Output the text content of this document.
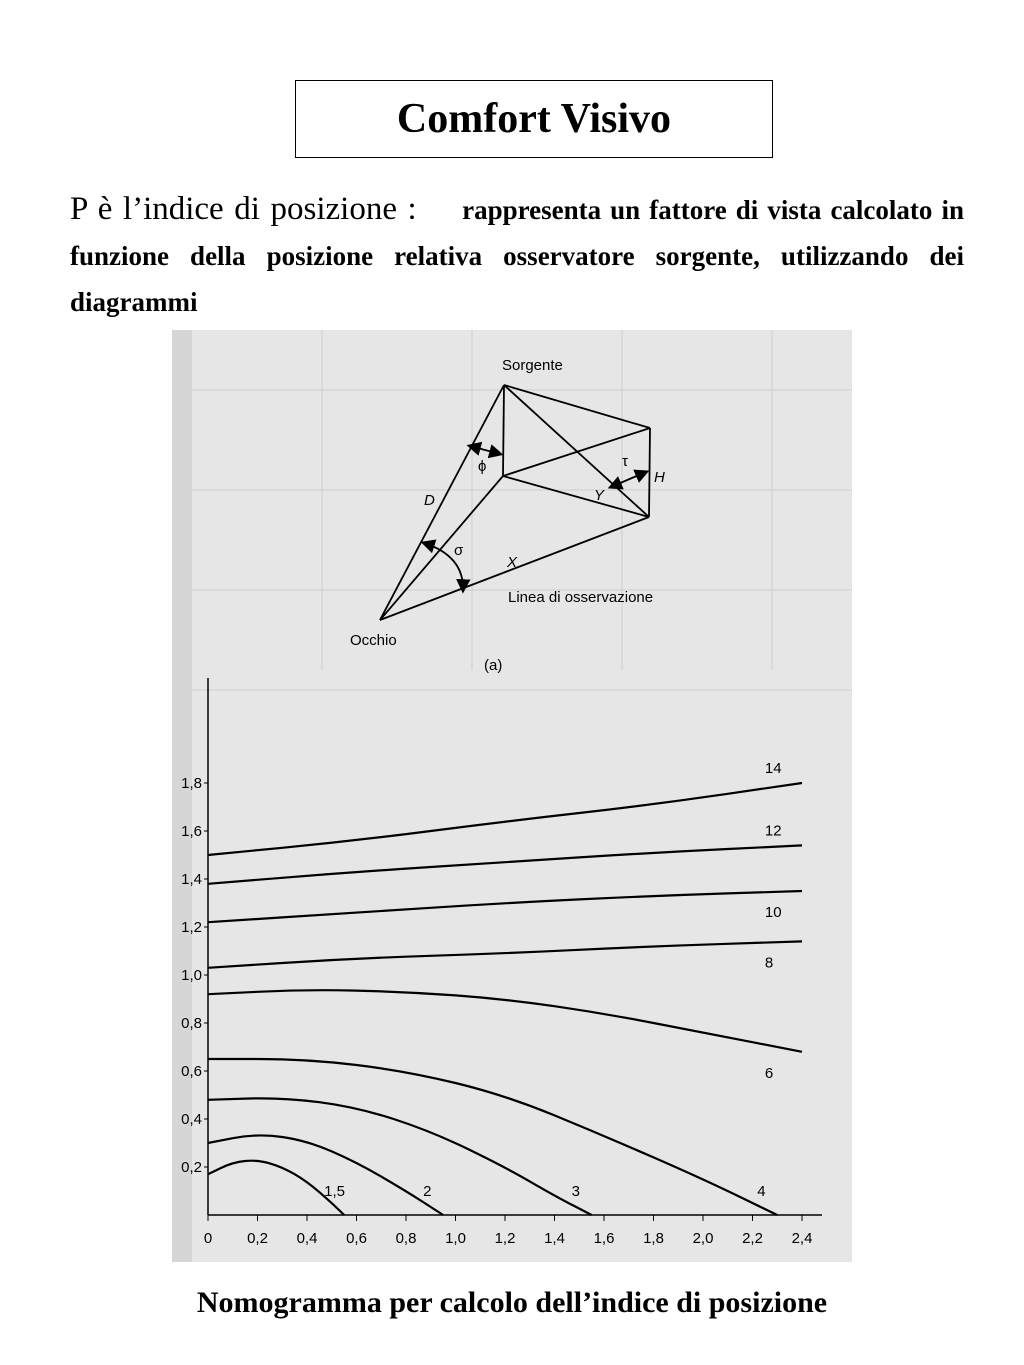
Comfort Visivo
P è l’indice di posizione : rappresenta un fattore di vista calcolato in funzione della posizione relativa osservatore sorgente, utilizzando dei diagrammi
Sorgente
Occhio
Linea di osservazione
D
X
Y
H
ϕ
σ
τ
(a)
0 0,2 0,4 0,6 0,8 1,0 1,2 1,4 1,6 1,8 2,0 2,2 2,4
0,2
0,4
0,6
0,8
1,0
1,2
1,4
1,6
1,8
1,5	2	3	4
6
8
10
12
14
Nomogramma per calcolo dell’indice di posizione
